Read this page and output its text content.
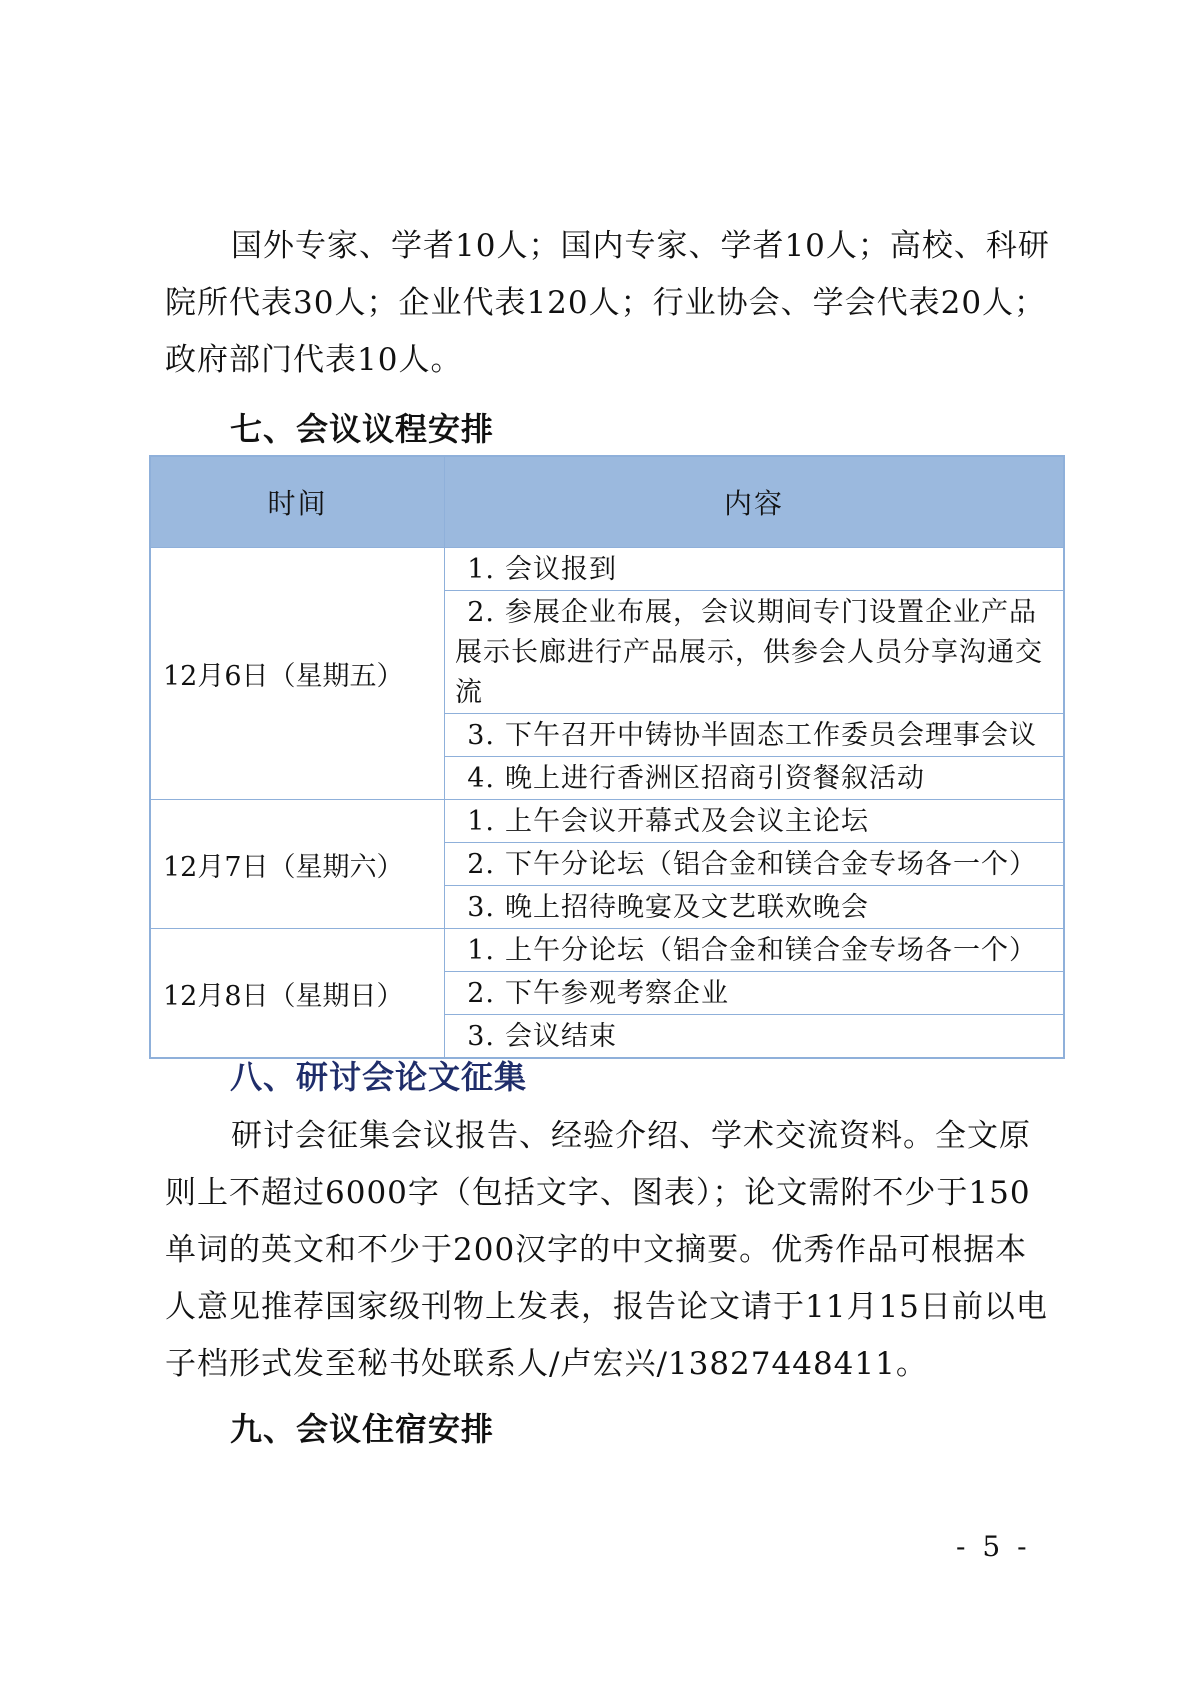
国外专家、学者10人；国内专家、学者10人；高校、科研院所代表30人；企业代表120人；行业协会、学会代表20人；政府部门代表10人。

七、会议议程安排
时间	内容
12月6日（星期五）	1. 会议报到
	2. 参展企业布展，会议期间专门设置企业产品展示长廊进行产品展示，供参会人员分享沟通交流
	3. 下午召开中铸协半固态工作委员会理事会议
	4. 晚上进行香洲区招商引资餐叙活动
12月7日（星期六）	1. 上午会议开幕式及会议主论坛
	2. 下午分论坛（铝合金和镁合金专场各一个）
	3. 晚上招待晚宴及文艺联欢晚会
12月8日（星期日）	1. 上午分论坛（铝合金和镁合金专场各一个）
	2. 下午参观考察企业
	3. 会议结束
八、研讨会论文征集

研讨会征集会议报告、经验介绍、学术交流资料。全文原则上不超过6000字（包括文字、图表）；论文需附不少于150单词的英文和不少于200汉字的中文摘要。优秀作品可根据本人意见推荐国家级刊物上发表，报告论文请于11月15日前以电子档形式发至秘书处联系人/卢宏兴/13827448411。

九、会议住宿安排
- 5 -
